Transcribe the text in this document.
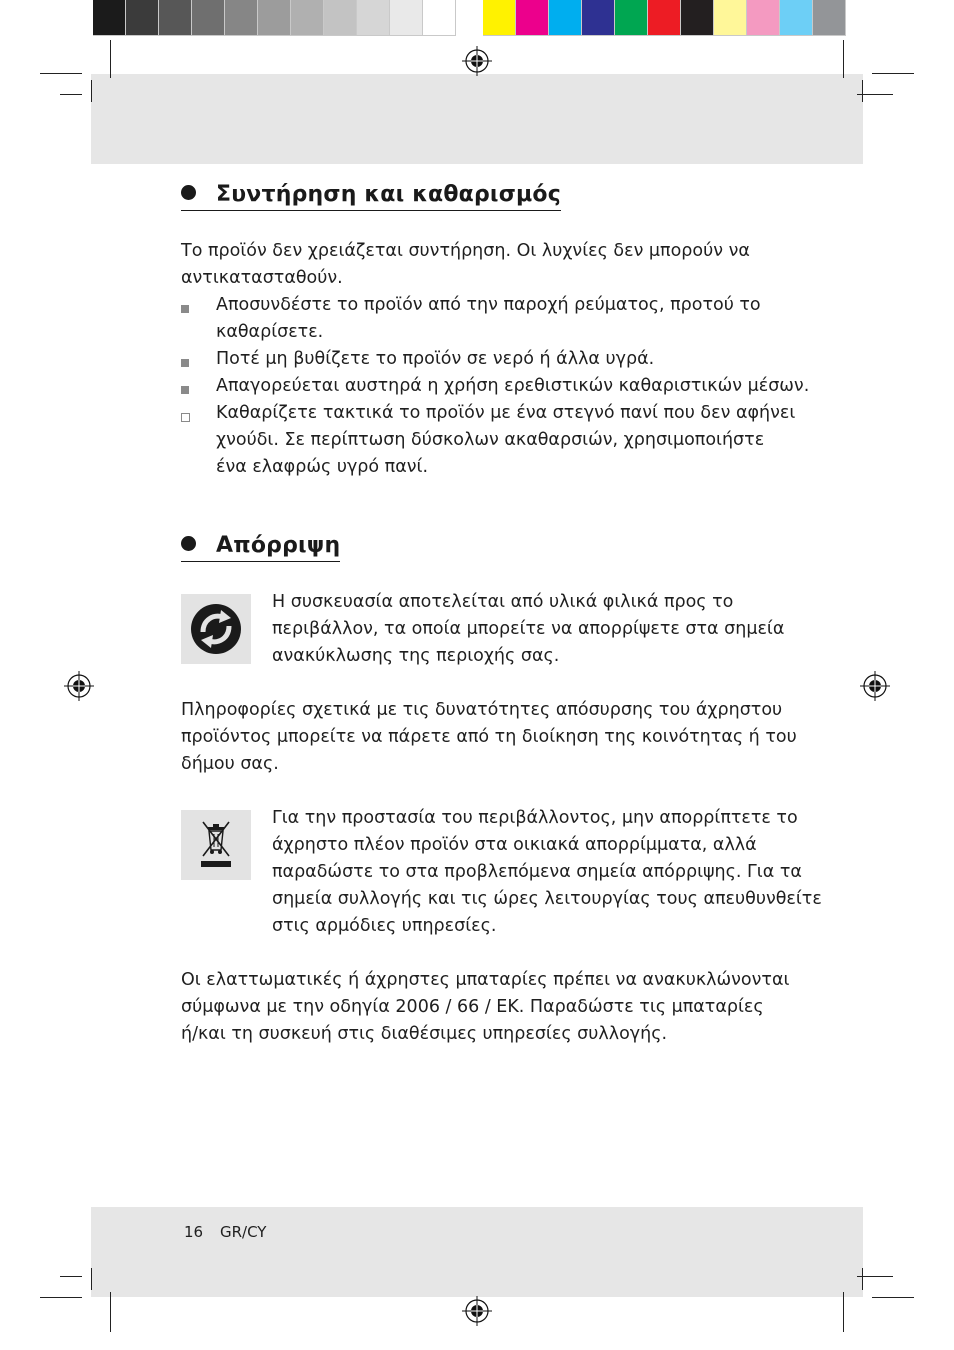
Συντήρηση και καθαρισμός
Το προϊόν δεν χρειάζεται συντήρηση. Οι λυχνίες δεν μπορούν να
αντικατασταθούν.
Αποσυνδέστε το προϊόν από την παροχή ρεύματος, προτού το
καθαρίσετε.
Ποτέ μη βυθίζετε το προϊόν σε νερό ή άλλα υγρά.
Απαγορεύεται αυστηρά η χρήση ερεθιστικών καθαριστικών μέσων.
Καθαρίζετε τακτικά το προϊόν με ένα στεγνό πανί που δεν αφήνει
χνούδι. Σε περίπτωση δύσκολων ακαθαρσιών, χρησιμοποιήστε
ένα ελαφρώς υγρό πανί.
Απόρριψη
Η συσκευασία αποτελείται από υλικά φιλικά προς το
περιβάλλον, τα οποία μπορείτε να απορρίψετε στα σημεία
ανακύκλωσης της περιοχής σας.
Πληροφορίες σχετικά με τις δυνατότητες απόσυρσης του άχρηστου
προϊόντος μπορείτε να πάρετε από τη διοίκηση της κοινότητας ή του
δήμου σας.
Για την προστασία του περιβάλλοντος, μην απορρίπτετε το
άχρηστο πλέον προϊόν στα οικιακά απορρίμματα, αλλά
παραδώστε το στα προβλεπόμενα σημεία απόρριψης. Για τα
σημεία συλλογής και τις ώρες λειτουργίας τους απευθυνθείτε
στις αρμόδιες υπηρεσίες.
Οι ελαττωματικές ή άχρηστες μπαταρίες πρέπει να ανακυκλώνονται
σύμφωνα με την οδηγία 2006 / 66 / EK. Παραδώστε τις μπαταρίες
ή/και τη συσκευή στις διαθέσιμες υπηρεσίες συλλογής.
16 GR/CY
